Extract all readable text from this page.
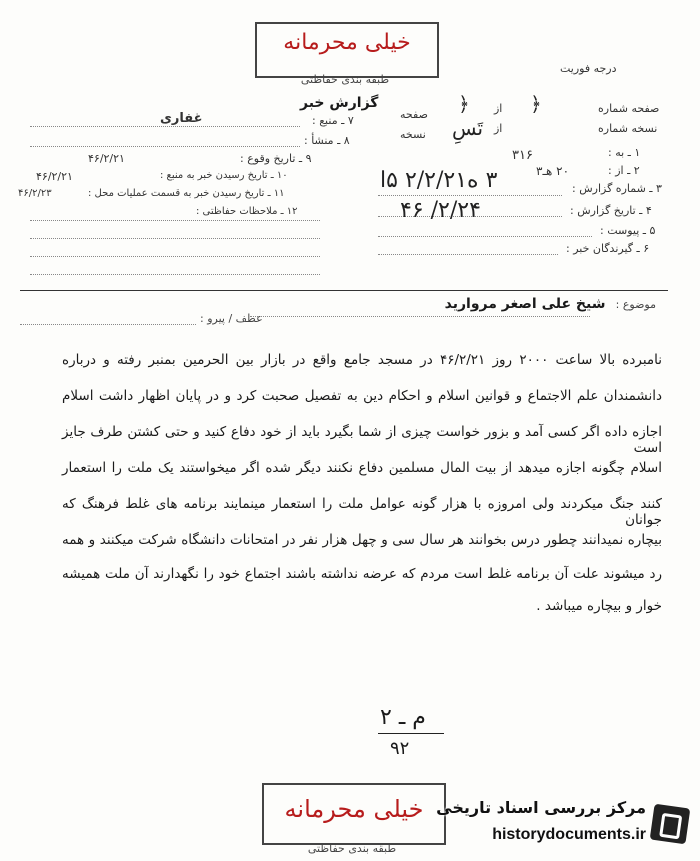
خیلی محرمانه
طبقه بندی حفاظتی
درجه فوریت
گزارش خبر	صفحه شماره
﴿
از
﴿
صفحه
نسخه شماره
از
تَسِ
نسخه
۱ ـ به :
۳۱۶
۲ ـ از :
۲۰ هـ۳
۳ ـ شماره گزارش :
۴ ـ تاریخ گزارش :
۵ ـ پیوست :
۶ ـ گیرندگان خبر :
۳ ه۲/۲/۲۱ ۵ا
۴۶ /۲/۲۴
۷ ـ منبع :
غفاری
۸ ـ منشأ :
۹ ـ تاریخ وقوع :
۴۶/۲/۲۱
۱۰ ـ تاریخ رسیدن خبر به منبع :
۴۶/۲/۲۱
۱۱ ـ تاریخ رسیدن خبر به قسمت عملیات محل :
۴۶/۲/۲۳
۱۲ ـ ملاحظات حفاظتی :
موضوع : شیخ علی اصغر مروارید
عطف / پیرو :
نامبرده بالا ساعت ۲۰۰۰ روز ۴۶/۲/۲۱ در مسجد جامع واقع در بازار بین الحرمین بمنبر رفته و درباره
دانشمندان علم الاجتماع و قوانین اسلام و احکام دین به تفصیل صحبت کرد و در پایان اظهار داشت اسلام
اجازه داده اگر کسی آمد و بزور خواست چیزی از شما بگیرد باید از خود دفاع کنید و حتی کشتن طرف جایز است
اسلام چگونه اجازه میدهد از بیت المال مسلمین دفاع نکنند دیگر شده اگر میخواستند یک ملت را استعمار
کنند جنگ میکردند ولی امروزه با هزار گونه عوامل ملت را استعمار مینمایند برنامه های غلط فرهنگ که جوانان
بیچاره نمیدانند چطور درس بخوانند هر سال سی و چهل هزار نفر در امتحانات دانشگاه شرکت میکنند و همه
رد میشوند علت آن برنامه غلط است مردم که عرضه نداشته باشند اجتماع خود را نگهدارند آن ملت همیشه
خوار و بیچاره میباشد .
م ـ ۲
۹۲
خیلی محرمانه
طبقه بندی حفاظتی
مرکز بررسی اسناد تاریخی
historydocuments.ir
